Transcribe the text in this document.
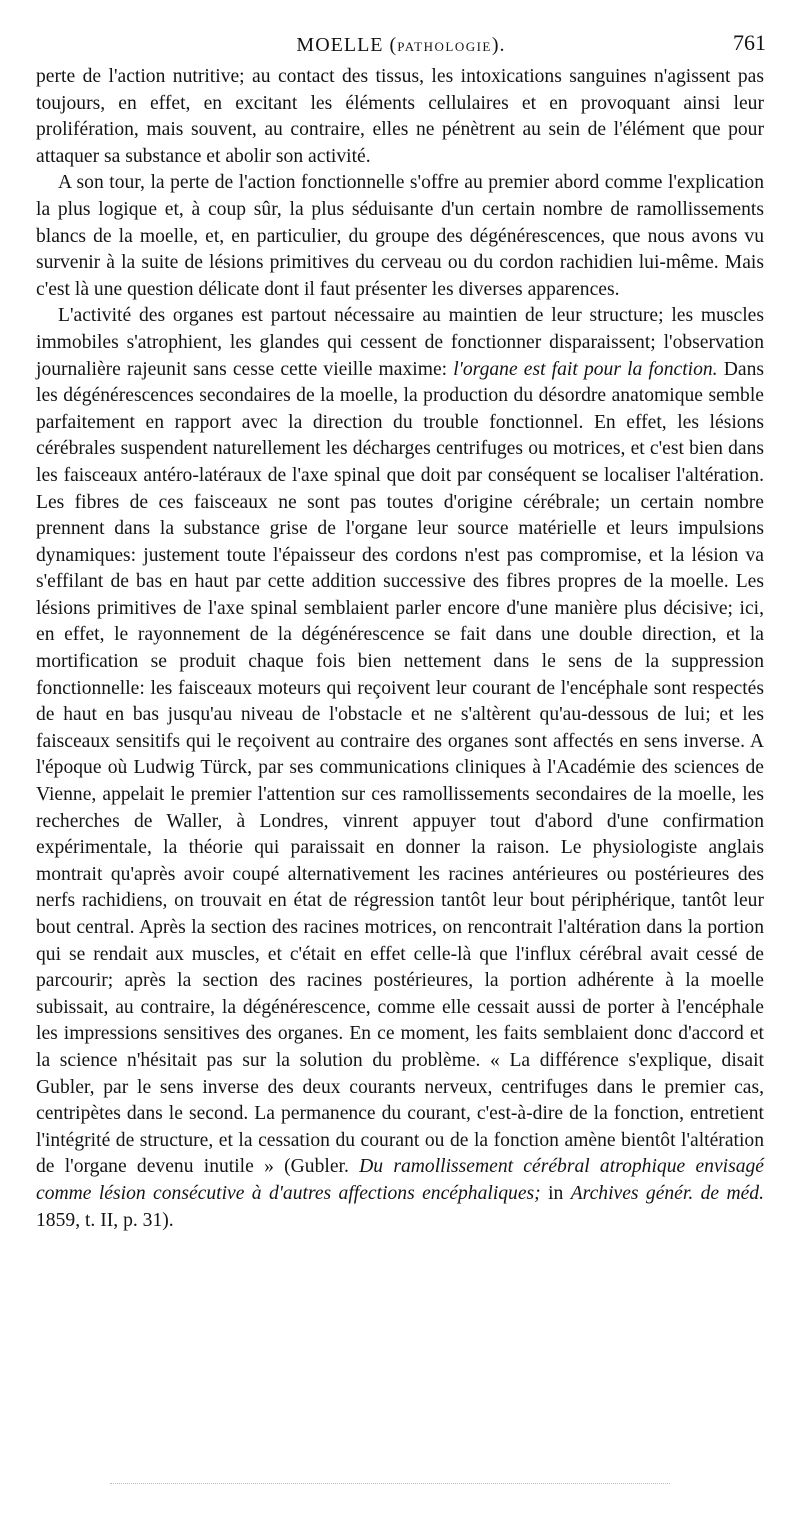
MOELLE (PATHOLOGIE).	761

perte de l'action nutritive; au contact des tissus, les intoxications sanguines n'agissent pas toujours, en effet, en excitant les éléments cellulaires et en provoquant ainsi leur prolifération, mais souvent, au contraire, elles ne pénètrent au sein de l'élément que pour attaquer sa substance et abolir son activité.

A son tour, la perte de l'action fonctionnelle s'offre au premier abord comme l'explication la plus logique et, à coup sûr, la plus séduisante d'un certain nombre de ramollissements blancs de la moelle, et, en particulier, du groupe des dégénérescences, que nous avons vu survenir à la suite de lésions primitives du cerveau ou du cordon rachidien lui-même. Mais c'est là une question délicate dont il faut présenter les diverses apparences.

L'activité des organes est partout nécessaire au maintien de leur structure; les muscles immobiles s'atrophient, les glandes qui cessent de fonctionner disparaissent; l'observation journalière rajeunit sans cesse cette vieille maxime: l'organe est fait pour la fonction. Dans les dégénérescences secondaires de la moelle, la production du désordre anatomique semble parfaitement en rapport avec la direction du trouble fonctionnel. En effet, les lésions cérébrales suspendent naturellement les décharges centrifuges ou motrices, et c'est bien dans les faisceaux antéro-latéraux de l'axe spinal que doit par conséquent se localiser l'altération. Les fibres de ces faisceaux ne sont pas toutes d'origine cérébrale; un certain nombre prennent dans la substance grise de l'organe leur source matérielle et leurs impulsions dynamiques: justement toute l'épaisseur des cordons n'est pas compromise, et la lésion va s'effilant de bas en haut par cette addition successive des fibres propres de la moelle. Les lésions primitives de l'axe spinal semblaient parler encore d'une manière plus décisive; ici, en effet, le rayonnement de la dégénérescence se fait dans une double direction, et la mortification se produit chaque fois bien nettement dans le sens de la suppression fonctionnelle: les faisceaux moteurs qui reçoivent leur courant de l'encéphale sont respectés de haut en bas jusqu'au niveau de l'obstacle et ne s'altèrent qu'au-dessous de lui; et les faisceaux sensitifs qui le reçoivent au contraire des organes sont affectés en sens inverse. A l'époque où Ludwig Türck, par ses communications cliniques à l'Académie des sciences de Vienne, appelait le premier l'attention sur ces ramollissements secondaires de la moelle, les recherches de Waller, à Londres, vinrent appuyer tout d'abord d'une confirmation expérimentale, la théorie qui paraissait en donner la raison. Le physiologiste anglais montrait qu'après avoir coupé alternativement les racines antérieures ou postérieures des nerfs rachidiens, on trouvait en état de régression tantôt leur bout périphérique, tantôt leur bout central. Après la section des racines motrices, on rencontrait l'altération dans la portion qui se rendait aux muscles, et c'était en effet celle-là que l'influx cérébral avait cessé de parcourir; après la section des racines postérieures, la portion adhérente à la moelle subissait, au contraire, la dégénérescence, comme elle cessait aussi de porter à l'encéphale les impressions sensitives des organes. En ce moment, les faits semblaient donc d'accord et la science n'hésitait pas sur la solution du problème. « La différence s'explique, disait Gubler, par le sens inverse des deux courants nerveux, centrifuges dans le premier cas, centripètes dans le second. La permanence du courant, c'est-à-dire de la fonction, entretient l'intégrité de structure, et la cessation du courant ou de la fonction amène bientôt l'altération de l'organe devenu inutile » (Gubler. Du ramollissement cérébral atrophique envisagé comme lésion consécutive à d'autres affections encéphaliques; in Archives génér. de méd. 1859, t. II, p. 31).
